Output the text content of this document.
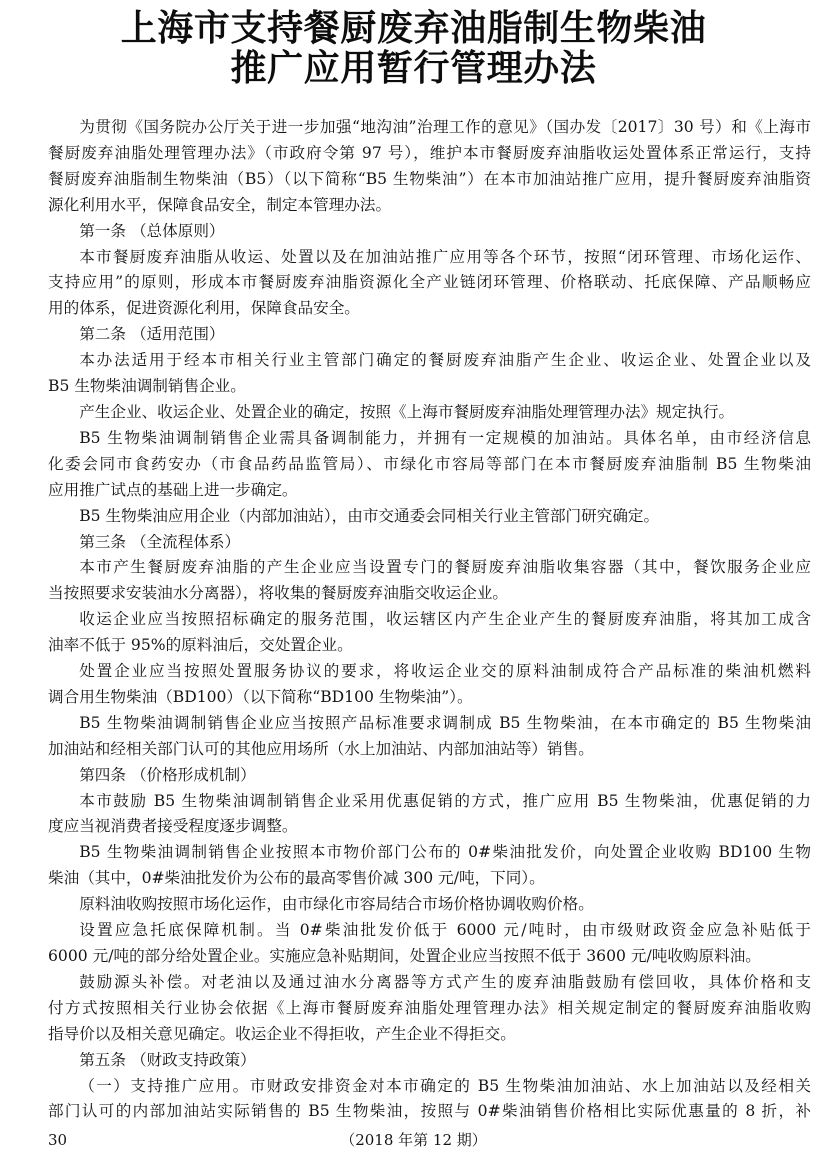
上海市支持餐厨废弃油脂制生物柴油
推广应用暂行管理办法
为贯彻《国务院办公厅关于进一步加强“地沟油”治理工作的意见》（国办发〔2017〕30 号）和《上海市
餐厨废弃油脂处理管理办法》（市政府令第 97 号），维护本市餐厨废弃油脂收运处置体系正常运行，支持
餐厨废弃油脂制生物柴油（B5）（以下简称“B5 生物柴油”）在本市加油站推广应用，提升餐厨废弃油脂资
源化利用水平，保障食品安全，制定本管理办法。
第一条 （总体原则）
本市餐厨废弃油脂从收运、处置以及在加油站推广应用等各个环节，按照“闭环管理、市场化运作、
支持应用”的原则，形成本市餐厨废弃油脂资源化全产业链闭环管理、价格联动、托底保障、产品顺畅应
用的体系，促进资源化利用，保障食品安全。
第二条 （适用范围）
本办法适用于经本市相关行业主管部门确定的餐厨废弃油脂产生企业、收运企业、处置企业以及
B5 生物柴油调制销售企业。
产生企业、收运企业、处置企业的确定，按照《上海市餐厨废弃油脂处理管理办法》规定执行。
B5 生物柴油调制销售企业需具备调制能力，并拥有一定规模的加油站。具体名单，由市经济信息
化委会同市食药安办（市食品药品监管局）、市绿化市容局等部门在本市餐厨废弃油脂制 B5 生物柴油
应用推广试点的基础上进一步确定。
B5 生物柴油应用企业（内部加油站），由市交通委会同相关行业主管部门研究确定。
第三条 （全流程体系）
本市产生餐厨废弃油脂的产生企业应当设置专门的餐厨废弃油脂收集容器（其中，餐饮服务企业应
当按照要求安装油水分离器），将收集的餐厨废弃油脂交收运企业。
收运企业应当按照招标确定的服务范围，收运辖区内产生企业产生的餐厨废弃油脂，将其加工成含
油率不低于 95%的原料油后，交处置企业。
处置企业应当按照处置服务协议的要求，将收运企业交的原料油制成符合产品标准的柴油机燃料
调合用生物柴油（BD100）（以下简称“BD100 生物柴油”）。
B5 生物柴油调制销售企业应当按照产品标准要求调制成 B5 生物柴油，在本市确定的 B5 生物柴油
加油站和经相关部门认可的其他应用场所（水上加油站、内部加油站等）销售。
第四条 （价格形成机制）
本市鼓励 B5 生物柴油调制销售企业采用优惠促销的方式，推广应用 B5 生物柴油，优惠促销的力
度应当视消费者接受程度逐步调整。
B5 生物柴油调制销售企业按照本市物价部门公布的 0#柴油批发价，向处置企业收购 BD100 生物
柴油（其中，0#柴油批发价为公布的最高零售价减 300 元/吨，下同）。
原料油收购按照市场化运作，由市绿化市容局结合市场价格协调收购价格。
设置应急托底保障机制。当 0#柴油批发价低于 6000 元/吨时，由市级财政资金应急补贴低于
6000 元/吨的部分给处置企业。实施应急补贴期间，处置企业应当按照不低于 3600 元/吨收购原料油。
鼓励源头补偿。对老油以及通过油水分离器等方式产生的废弃油脂鼓励有偿回收，具体价格和支
付方式按照相关行业协会依据《上海市餐厨废弃油脂处理管理办法》相关规定制定的餐厨废弃油脂收购
指导价以及相关意见确定。收运企业不得拒收，产生企业不得拒交。
第五条 （财政支持政策）
（一）支持推广应用。市财政安排资金对本市确定的 B5 生物柴油加油站、水上加油站以及经相关
部门认可的内部加油站实际销售的 B5 生物柴油，按照与 0#柴油销售价格相比实际优惠量的 8 折，补
30	（2018 年第 12 期）
